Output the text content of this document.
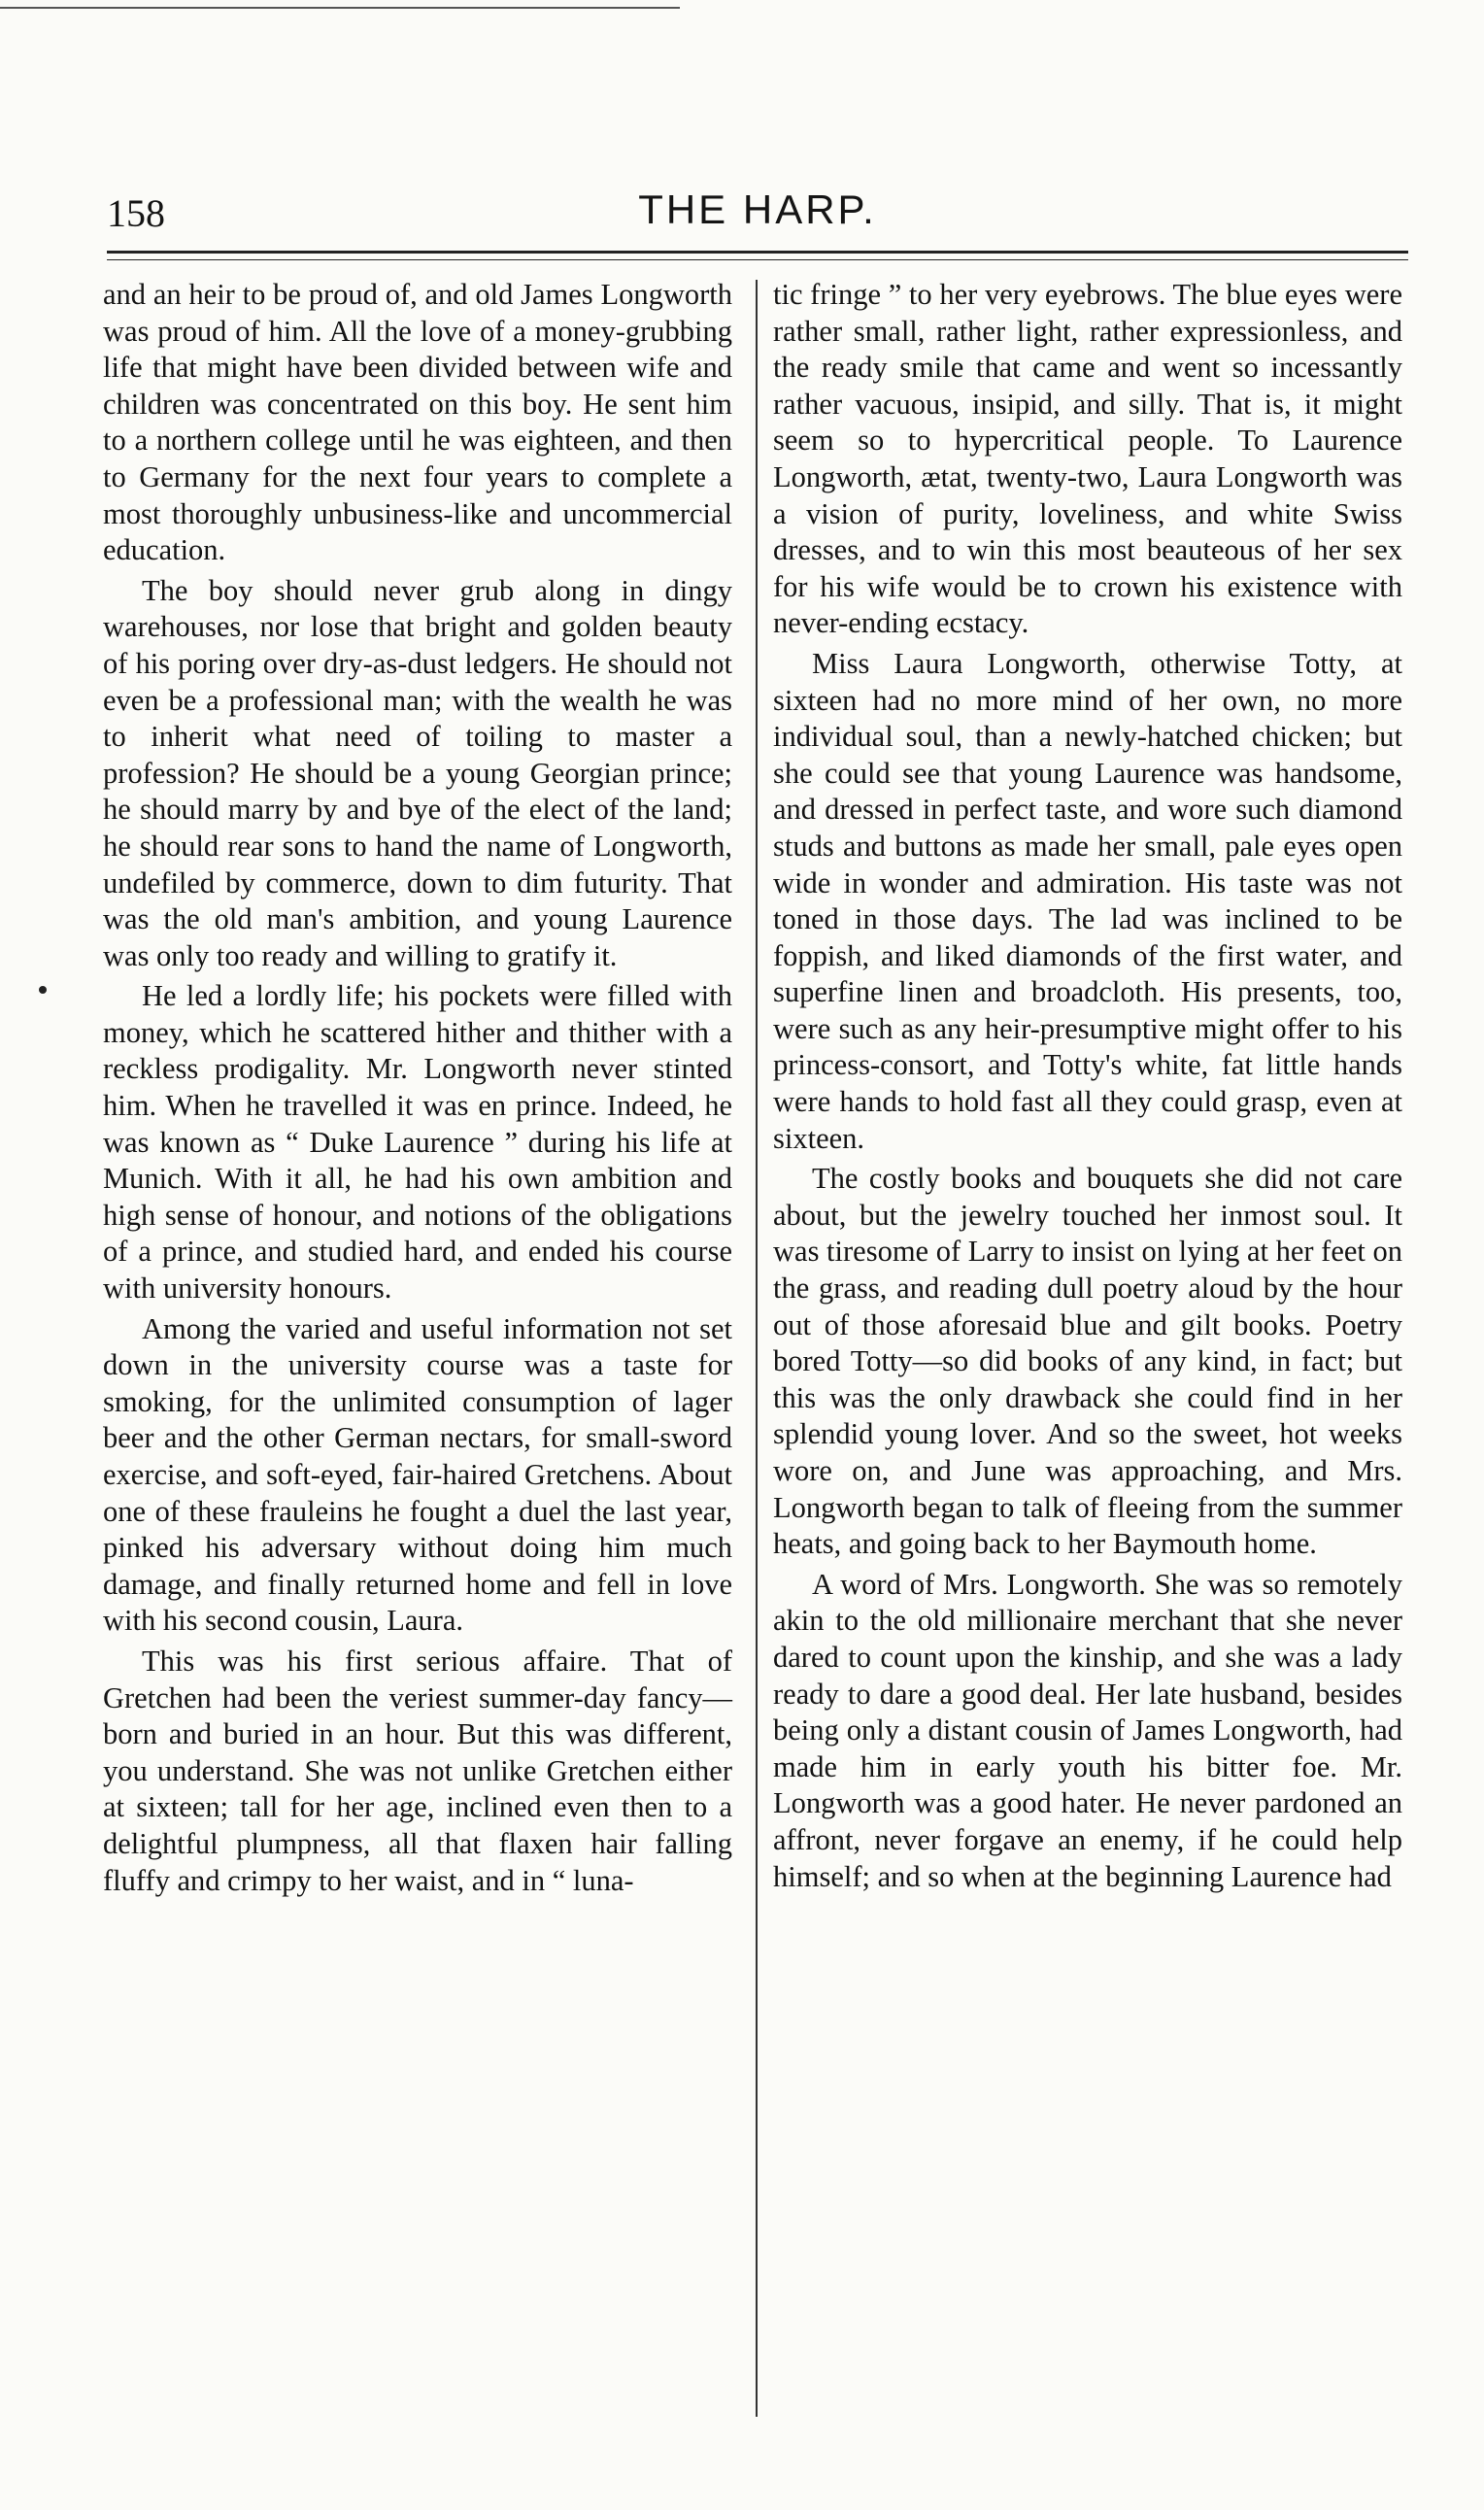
158	THE HARP.

and an heir to be proud of, and old James Longworth was proud of him. All the love of a money-grubbing life that might have been divided between wife and children was concentrated on this boy. He sent him to a northern college until he was eighteen, and then to Germany for the next four years to complete a most thoroughly unbusiness-like and uncommercial education.

The boy should never grub along in dingy warehouses, nor lose that bright and golden beauty of his poring over dry-as-dust ledgers. He should not even be a professional man; with the wealth he was to inherit what need of toiling to master a profession? He should be a young Georgian prince; he should marry by and bye of the elect of the land; he should rear sons to hand the name of Longworth, undefiled by commerce, down to dim futurity. That was the old man's ambition, and young Laurence was only too ready and willing to gratify it.

He led a lordly life; his pockets were filled with money, which he scattered hither and thither with a reckless prodigality. Mr. Longworth never stinted him. When he travelled it was en prince. Indeed, he was known as “ Duke Laurence ” during his life at Munich. With it all, he had his own ambition and high sense of honour, and notions of the obligations of a prince, and studied hard, and ended his course with university honours.

Among the varied and useful information not set down in the university course was a taste for smoking, for the unlimited consumption of lager beer and the other German nectars, for small-sword exercise, and soft-eyed, fair-haired Gretchens. About one of these frauleins he fought a duel the last year, pinked his adversary without doing him much damage, and finally returned home and fell in love with his second cousin, Laura.

This was his first serious affaire. That of Gretchen had been the veriest summer-day fancy—born and buried in an hour. But this was different, you understand. She was not unlike Gretchen either at sixteen; tall for her age, inclined even then to a delightful plumpness, all that flaxen hair falling fluffy and crimpy to her waist, and in “ luna-

tic fringe ” to her very eyebrows. The blue eyes were rather small, rather light, rather expressionless, and the ready smile that came and went so incessantly rather vacuous, insipid, and silly. That is, it might seem so to hypercritical people. To Laurence Longworth, ætat, twenty-two, Laura Longworth was a vision of purity, loveliness, and white Swiss dresses, and to win this most beauteous of her sex for his wife would be to crown his existence with never-ending ecstacy.

Miss Laura Longworth, otherwise Totty, at sixteen had no more mind of her own, no more individual soul, than a newly-hatched chicken; but she could see that young Laurence was handsome, and dressed in perfect taste, and wore such diamond studs and buttons as made her small, pale eyes open wide in wonder and admiration. His taste was not toned in those days. The lad was inclined to be foppish, and liked diamonds of the first water, and superfine linen and broadcloth. His presents, too, were such as any heir-presumptive might offer to his princess-consort, and Totty's white, fat little hands were hands to hold fast all they could grasp, even at sixteen.

The costly books and bouquets she did not care about, but the jewelry touched her inmost soul. It was tiresome of Larry to insist on lying at her feet on the grass, and reading dull poetry aloud by the hour out of those aforesaid blue and gilt books. Poetry bored Totty—so did books of any kind, in fact; but this was the only drawback she could find in her splendid young lover. And so the sweet, hot weeks wore on, and June was approaching, and Mrs. Longworth began to talk of fleeing from the summer heats, and going back to her Baymouth home.

A word of Mrs. Longworth. She was so remotely akin to the old millionaire merchant that she never dared to count upon the kinship, and she was a lady ready to dare a good deal. Her late husband, besides being only a distant cousin of James Longworth, had made him in early youth his bitter foe. Mr. Longworth was a good hater. He never pardoned an affront, never forgave an enemy, if he could help himself; and so when at the beginning Laurence had
